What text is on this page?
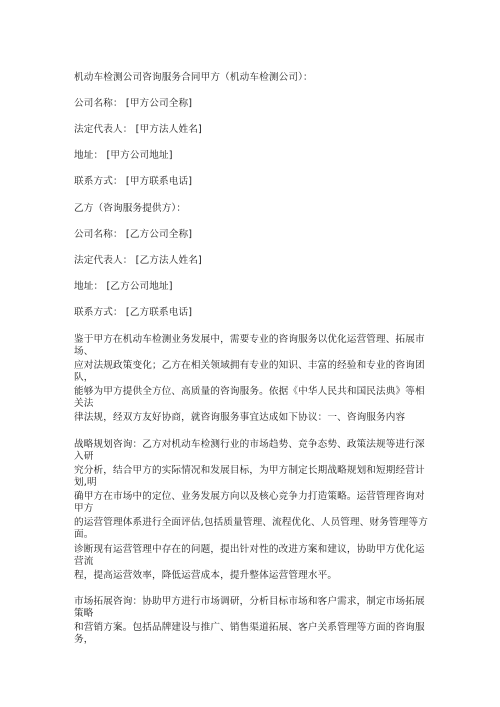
机动车检测公司咨询服务合同甲方（机动车检测公司）：
公司名称： [甲方公司全称]
法定代表人： [甲方法人姓名]
地址： [甲方公司地址]
联系方式： [甲方联系电话]
乙方（咨询服务提供方）：
公司名称： [乙方公司全称]
法定代表人： [乙方法人姓名]
地址： [乙方公司地址]
联系方式： [乙方联系电话]
鉴于甲方在机动车检测业务发展中，需要专业的咨询服务以优化运营管理、拓展市场、
应对法规政策变化；乙方在相关领域拥有专业的知识、丰富的经验和专业的咨询团队，
能够为甲方提供全方位、高质量的咨询服务。依据《中华人民共和国民法典》等相关法
律法规，经双方友好协商，就咨询服务事宜达成如下协议：一、咨询服务内容
战略规划咨询：乙方对机动车检测行业的市场趋势、竞争态势、政策法规等进行深入研
究分析，结合甲方的实际情况和发展目标，为甲方制定长期战略规划和短期经营计划,明
确甲方在市场中的定位、业务发展方向以及核心竞争力打造策略。运营管理咨询对甲方
的运营管理体系进行全面评估,包括质量管理、流程优化、人员管理、财务管理等方面。
诊断现有运营管理中存在的问题，提出针对性的改进方案和建议，协助甲方优化运营流
程，提高运营效率，降低运营成本，提升整体运营管理水平。
市场拓展咨询：协助甲方进行市场调研，分析目标市场和客户需求，制定市场拓展策略
和营销方案。包括品牌建设与推广、销售渠道拓展、客户关系管理等方面的咨询服务，
